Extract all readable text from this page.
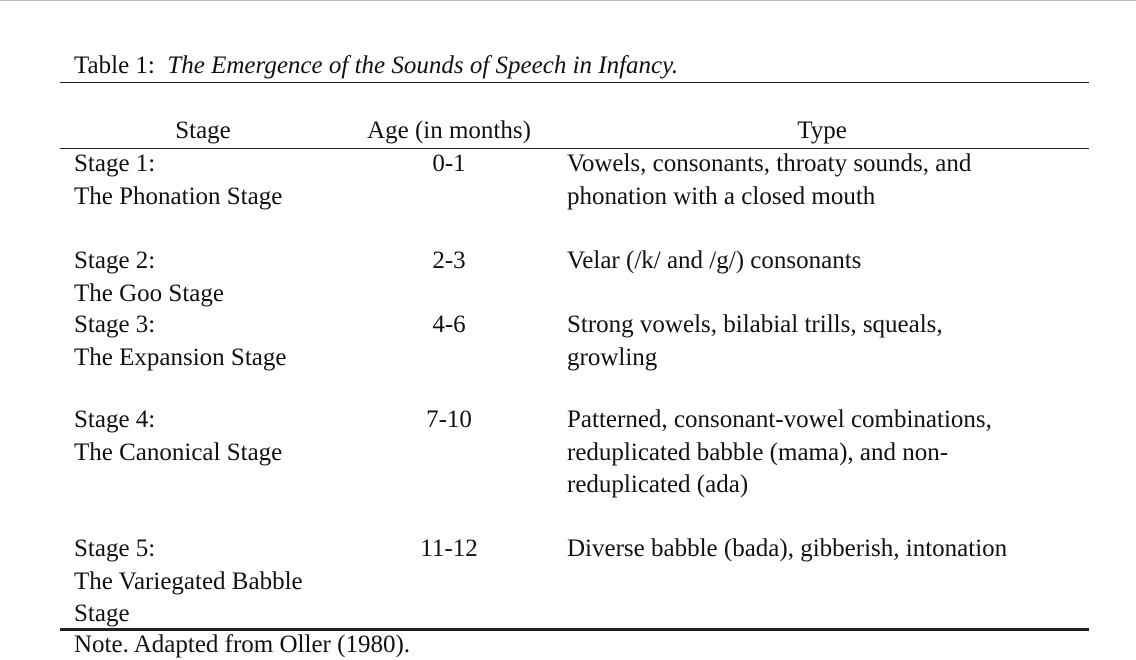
Table 1: The Emergence of the Sounds of Speech in Infancy.
Stage	Age (in months)	Type
Stage 1:
The Phonation Stage
0-1	Vowels, consonants, throaty sounds, and
phonation with a closed mouth
Stage 2:
The Goo Stage
2-3	Velar (/k/ and /g/) consonants
Stage 3:
The Expansion Stage
4-6	Strong vowels, bilabial trills, squeals,
growling
Stage 4:
The Canonical Stage
7-10	Patterned, consonant-vowel combinations,
reduplicated babble (mama), and non-
reduplicated (ada)
Stage 5:
The Variegated Babble
Stage
11-12	Diverse babble (bada), gibberish, intonation
Note. Adapted from Oller (1980).
